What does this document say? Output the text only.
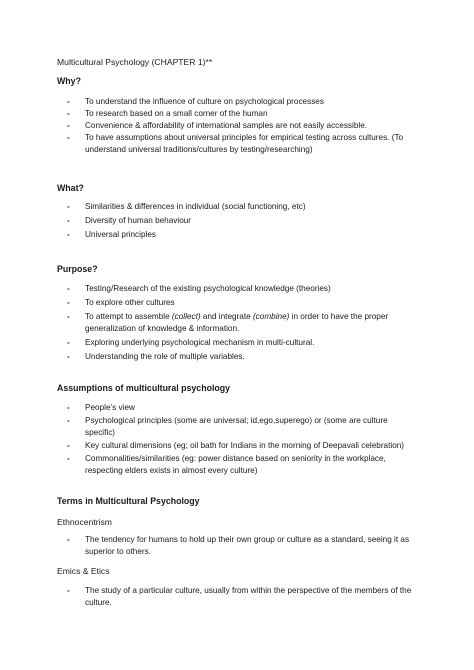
Multicultural Psychology (CHAPTER 1)**
Why?
- To understand the influence of culture on psychological processes
- To research based on a small corner of the human
- Convenience & affordability of international samples are not easily accessible.
- To have assumptions about universal principles for empirical testing across cultures. (To understand universal traditions/cultures by testing/researching)
What?
- Similarities & differences in individual (social functioning, etc)
- Diversity of human behaviour
- Universal principles
Purpose?
- Testing/Research of the existing psychological knowledge (theories)
- To explore other cultures
- To attempt to assemble (collect) and integrate (combine) in order to have the proper generalization of knowledge & information.
- Exploring underlying psychological mechanism in multi-cultural.
- Understanding the role of multiple variables.
Assumptions of multicultural psychology
- People’s view
- Psychological principles (some are universal; id,ego,superego) or (some are culture specific)
- Key cultural dimensions (eg; oil bath for Indians in the morning of Deepavali celebration)
- Commonalities/similarities (eg: power distance based on seniority in the workplace, respecting elders exists in almost every culture)
Terms in Multicultural Psychology
Ethnocentrism
- The tendency for humans to hold up their own group or culture as a standard, seeing it as superior to others.
Emics & Etics
- The study of a particular culture, usually from within the perspective of the members of the culture.
